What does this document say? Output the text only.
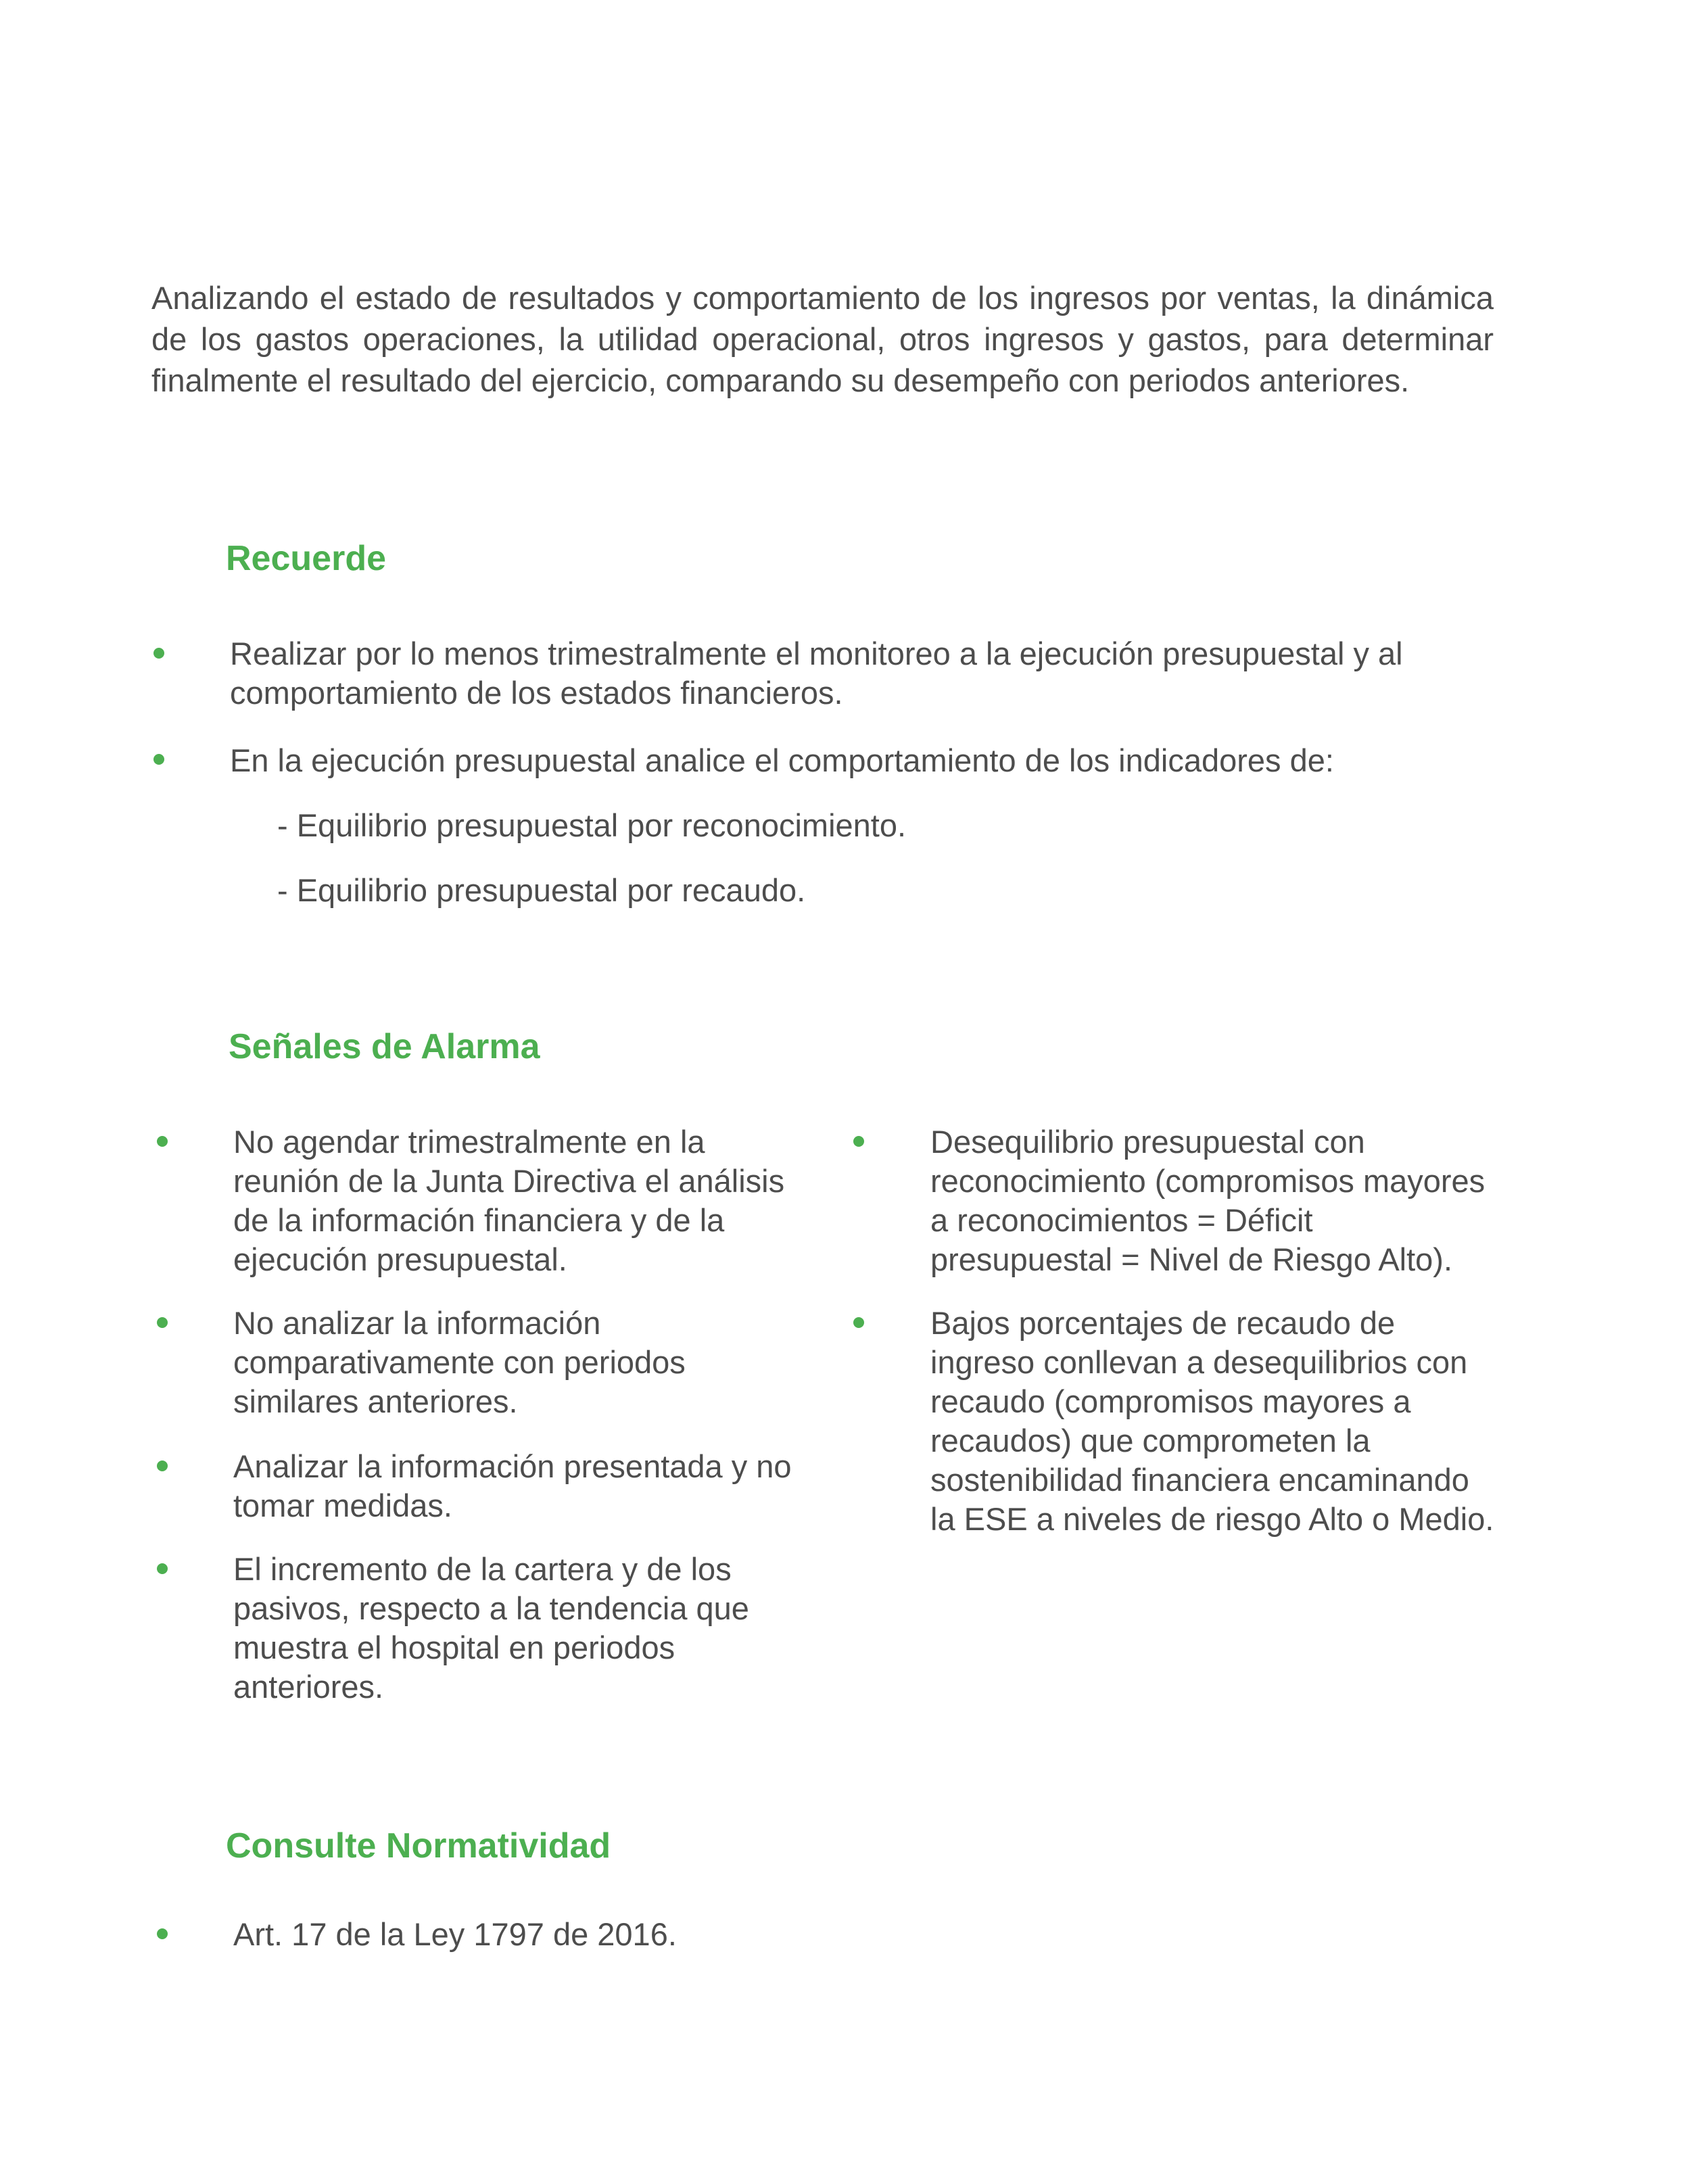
Analizando el estado de resultados y comportamiento de los ingresos por ventas, la dinámica de los gastos operaciones, la utilidad operacional, otros ingresos y gastos, para determinar finalmente el resultado del ejercicio, comparando su desempeño con periodos anteriores.

Recuerde

Realizar por lo menos trimestralmente el monitoreo a la ejecución presupuestal y al comportamiento de los estados financieros.

En la ejecución presupuestal analice el comportamiento de los indicadores de:

- Equilibrio presupuestal por reconocimiento.

- Equilibrio presupuestal por recaudo.

Señales de Alarma

No agendar trimestralmente en la reunión de la Junta Directiva el análisis de la información financiera y de la ejecución presupuestal.

No analizar la información comparativamente con periodos similares anteriores.

Analizar la información presentada y no tomar medidas.

El incremento de la cartera y de los pasivos, respecto a la tendencia que muestra el hospital en periodos anteriores.

Desequilibrio presupuestal con reconocimiento (compromisos mayores a reconocimientos = Déficit presupuestal = Nivel de Riesgo Alto).

Bajos porcentajes de recaudo de ingreso conllevan a desequilibrios con recaudo (compromisos mayores a recaudos) que comprometen la sostenibilidad financiera encaminando la ESE a niveles de riesgo Alto o Medio.

Consulte Normatividad

Art. 17 de la Ley 1797 de 2016.
